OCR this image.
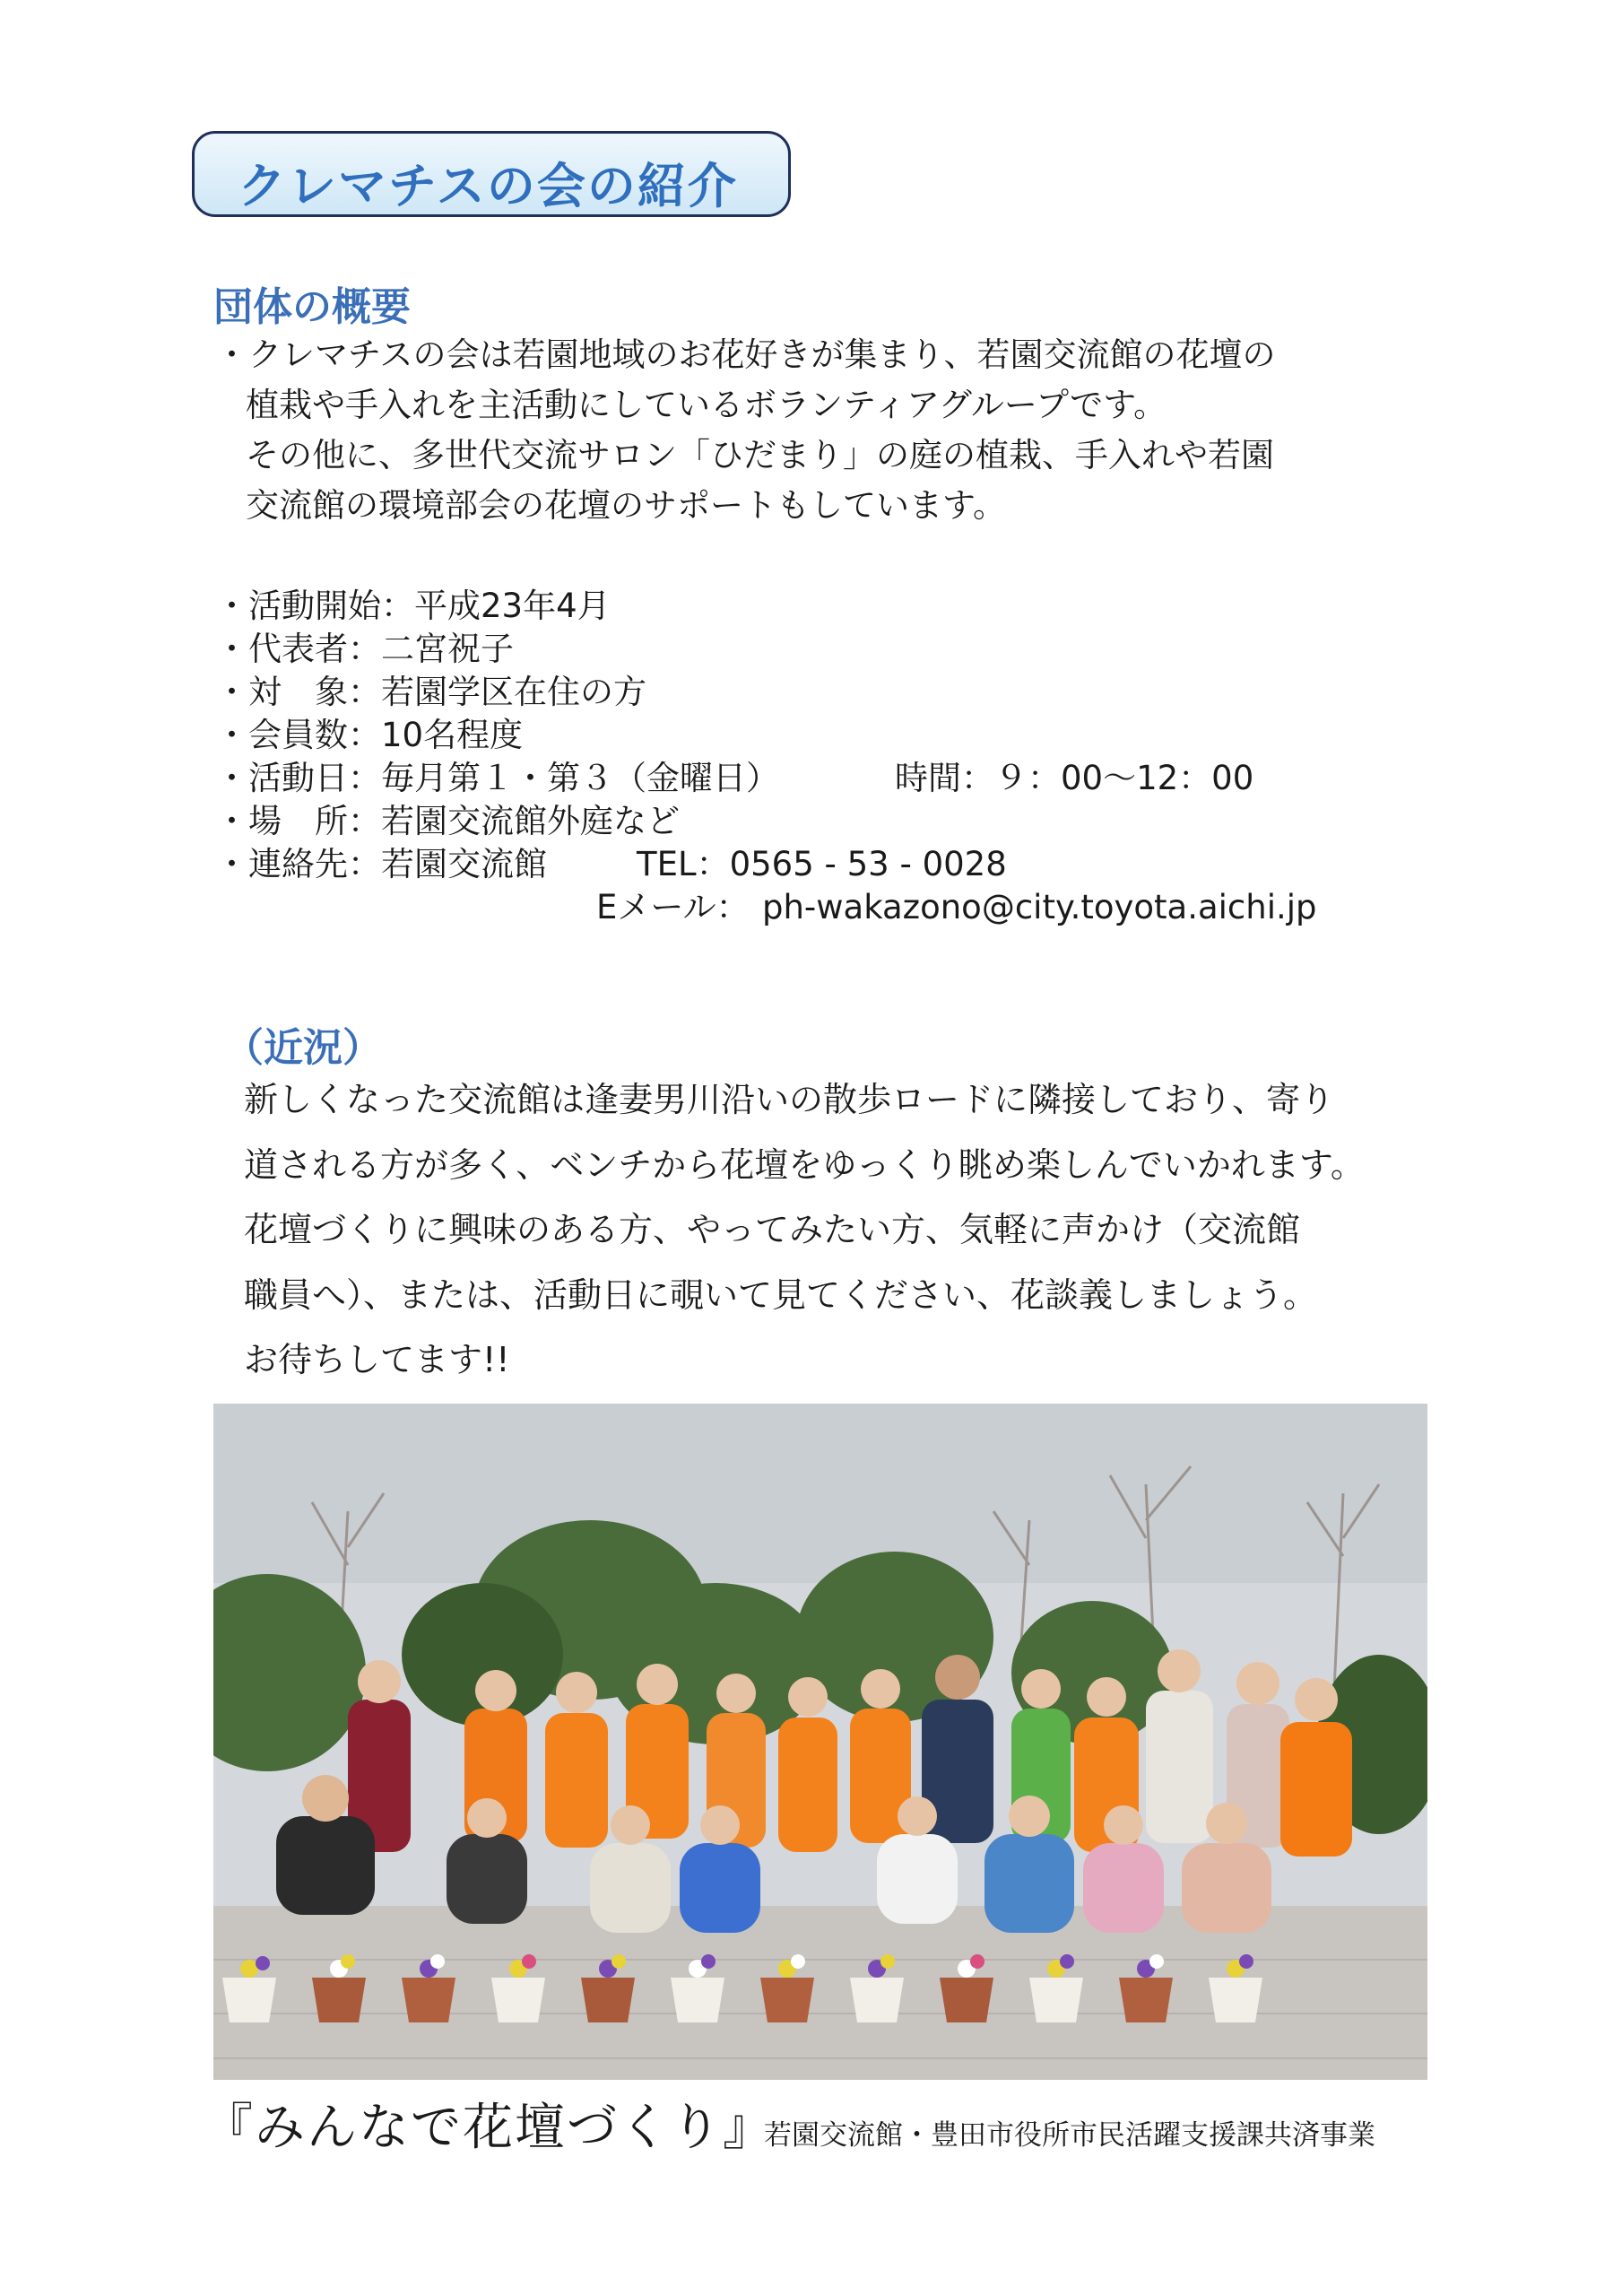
クレマチスの会の紹介
団体の概要
・クレマチスの会は若園地域のお花好きが集まり、若園交流館の花壇の
植栽や手入れを主活動にしているボランティアグループです。
その他に、多世代交流サロン「ひだまり」の庭の植栽、手入れや若園
交流館の環境部会の花壇のサポートもしています。
・活動開始：平成23年4月
・代表者：二宮祝子
・対　象：若園学区在住の方
・会員数：10名程度
・活動日：毎月第１・第３（金曜日）	時間：９：00〜12：00
・場　所：若園交流館外庭など
・連絡先：若園交流館	TEL：0565 - 53 - 0028
Eメール： ph-wakazono@city.toyota.aichi.jp
（近況）
新しくなった交流館は逢妻男川沿いの散歩ロードに隣接しており、寄り
道される方が多く、ベンチから花壇をゆっくり眺め楽しんでいかれます。
花壇づくりに興味のある方、やってみたい方、気軽に声かけ（交流館
職員へ）、または、活動日に覗いて見てください、花談義しましょう。
お待ちしてます!!
『みんなで花壇づくり』
若園交流館・豊田市役所市民活躍支援課共済事業
